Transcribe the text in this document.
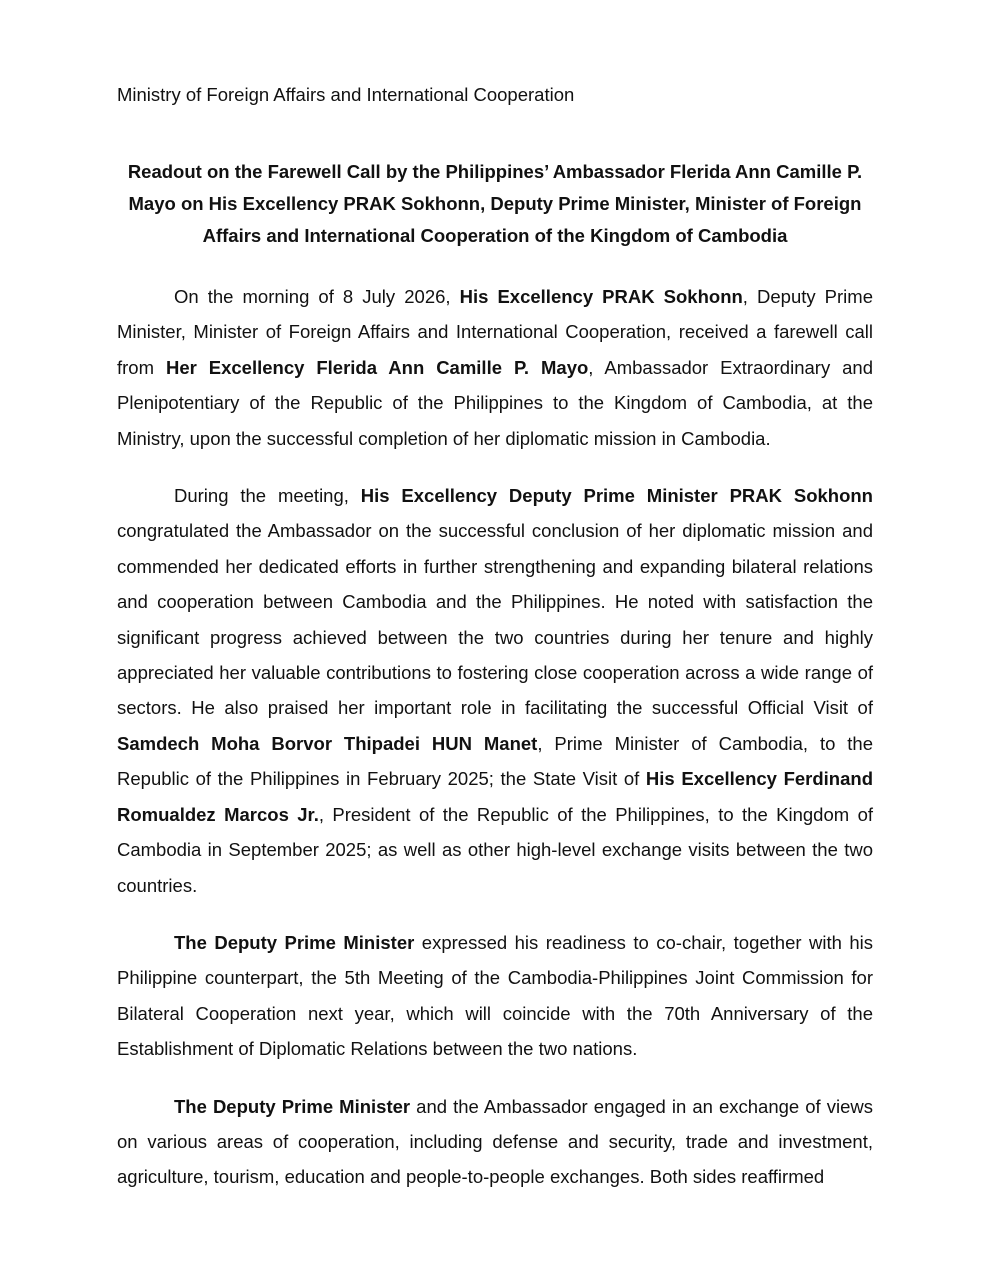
Ministry of Foreign Affairs and International Cooperation
Readout on the Farewell Call by the Philippines’ Ambassador Flerida Ann Camille P. Mayo on His Excellency PRAK Sokhonn, Deputy Prime Minister, Minister of Foreign Affairs and International Cooperation of the Kingdom of Cambodia

On the morning of 8 July 2026, His Excellency PRAK Sokhonn, Deputy Prime Minister, Minister of Foreign Affairs and International Cooperation, received a farewell call from Her Excellency Flerida Ann Camille P. Mayo, Ambassador Extraordinary and Plenipotentiary of the Republic of the Philippines to the Kingdom of Cambodia, at the Ministry, upon the successful completion of her diplomatic mission in Cambodia.

During the meeting, His Excellency Deputy Prime Minister PRAK Sokhonn congratulated the Ambassador on the successful conclusion of her diplomatic mission and commended her dedicated efforts in further strengthening and expanding bilateral relations and cooperation between Cambodia and the Philippines. He noted with satisfaction the significant progress achieved between the two countries during her tenure and highly appreciated her valuable contributions to fostering close cooperation across a wide range of sectors. He also praised her important role in facilitating the successful Official Visit of Samdech Moha Borvor Thipadei HUN Manet, Prime Minister of Cambodia, to the Republic of the Philippines in February 2025; the State Visit of His Excellency Ferdinand Romualdez Marcos Jr., President of the Republic of the Philippines, to the Kingdom of Cambodia in September 2025; as well as other high-level exchange visits between the two countries.

The Deputy Prime Minister expressed his readiness to co-chair, together with his Philippine counterpart, the 5th Meeting of the Cambodia-Philippines Joint Commission for Bilateral Cooperation next year, which will coincide with the 70th Anniversary of the Establishment of Diplomatic Relations between the two nations.

The Deputy Prime Minister and the Ambassador engaged in an exchange of views on various areas of cooperation, including defense and security, trade and investment, agriculture, tourism, education and people-to-people exchanges. Both sides reaffirmed
